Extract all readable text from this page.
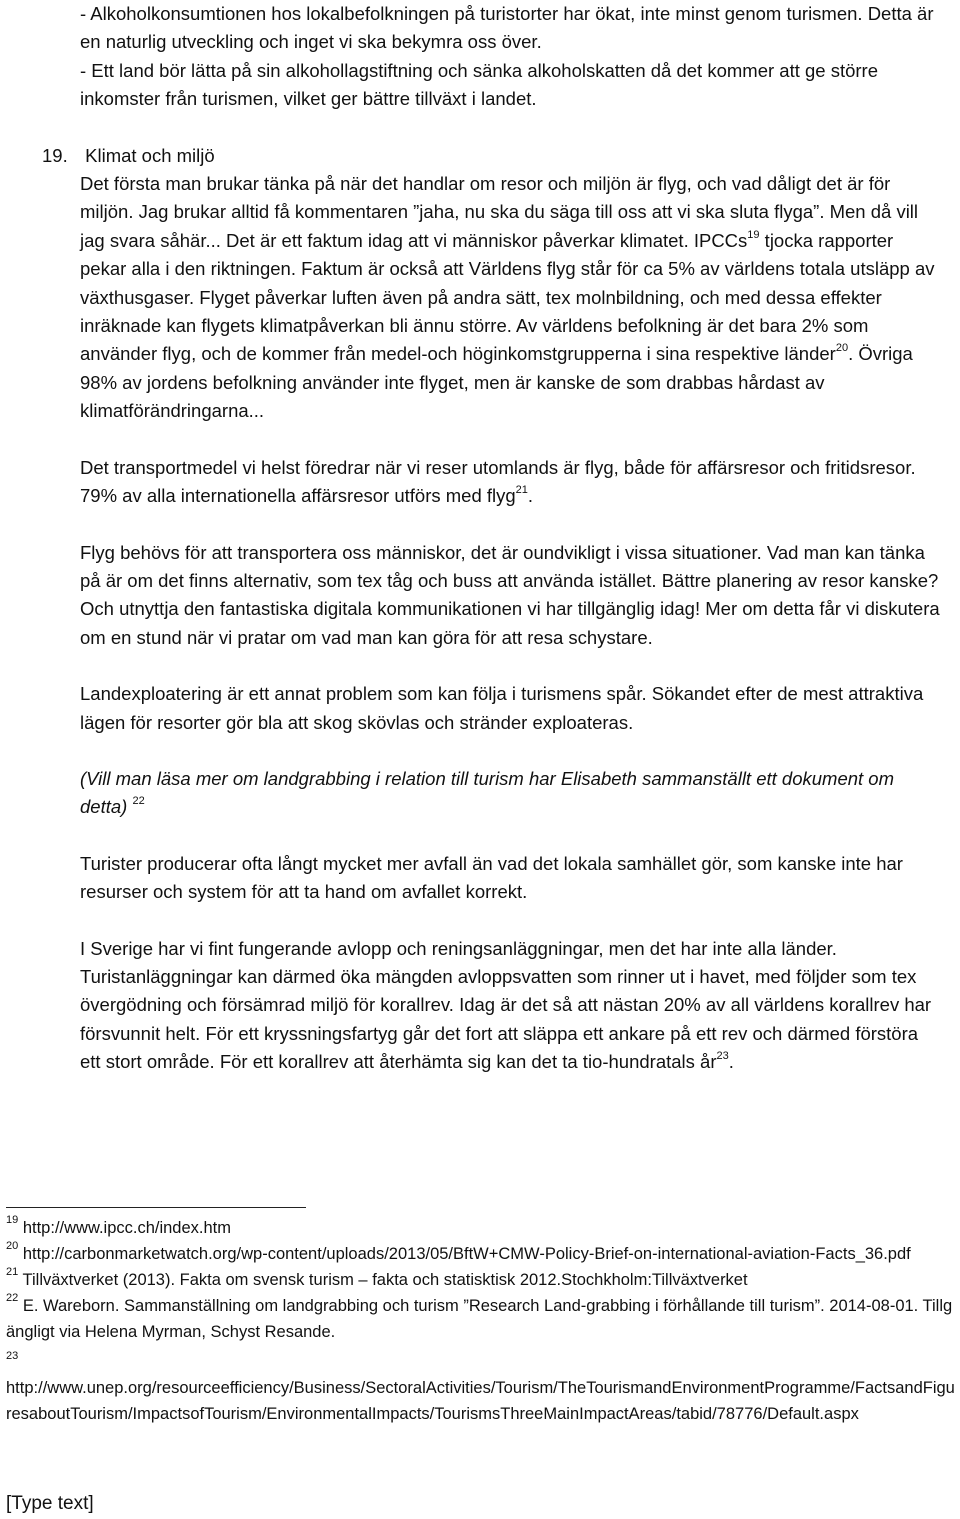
- Alkoholkonsumtionen hos lokalbefolkningen på turistorter har ökat, inte minst genom turismen. Detta är en naturlig utveckling och inget vi ska bekymra oss över.

- Ett land bör lätta på sin alkohollagstiftning och sänka alkoholskatten då det kommer att ge större inkomster från turismen, vilket ger bättre tillväxt i landet.

19. Klimat och miljö

Det första man brukar tänka på när det handlar om resor och miljön är flyg, och vad dåligt det är för miljön. Jag brukar alltid få kommentaren ”jaha, nu ska du säga till oss att vi ska sluta flyga”. Men då vill jag svara såhär... Det är ett faktum idag att vi människor påverkar klimatet. IPCCs$^{19}$ tjocka rapporter pekar alla i den riktningen. Faktum är också att Världens flyg står för ca 5% av världens totala utsläpp av växthusgaser. Flyget påverkar luften även på andra sätt, tex molnbildning, och med dessa effekter inräknade kan flygets klimatpåverkan bli ännu större. Av världens befolkning är det bara 2% som använder flyg, och de kommer från medel-och höginkomstgrupperna i sina respektive länder$^{20}$. Övriga 98% av jordens befolkning använder inte flyget, men är kanske de som drabbas hårdast av klimatförändringarna...

Det transportmedel vi helst föredrar när vi reser utomlands är flyg, både för affärsresor och fritidsresor. 79% av alla internationella affärsresor utförs med flyg$^{21}$.

Flyg behövs för att transportera oss människor, det är oundvikligt i vissa situationer. Vad man kan tänka på är om det finns alternativ, som tex tåg och buss att använda istället. Bättre planering av resor kanske? Och utnyttja den fantastiska digitala kommunikationen vi har tillgänglig idag! Mer om detta får vi diskutera om en stund när vi pratar om vad man kan göra för att resa schystare.

Landexploatering är ett annat problem som kan följa i turismens spår. Sökandet efter de mest attraktiva lägen för resorter gör bla att skog skövlas och stränder exploateras.

(Vill man läsa mer om landgrabbing i relation till turism har Elisabeth sammanställt ett dokument om detta) $^{22}$

Turister producerar ofta långt mycket mer avfall än vad det lokala samhället gör, som kanske inte har resurser och system för att ta hand om avfallet korrekt.

I Sverige har vi fint fungerande avlopp och reningsanläggningar, men det har inte alla länder. Turistanläggningar kan därmed öka mängden avloppsvatten som rinner ut i havet, med följder som tex övergödning och försämrad miljö för korallrev. Idag är det så att nästan 20% av all världens korallrev har försvunnit helt. För ett kryssningsfartyg går det fort att släppa ett ankare på ett rev och därmed förstöra ett stort område. För ett korallrev att återhämta sig kan det ta tio-hundratals $år^{23}$.

$^{19}$ http://www.ipcc.ch/index.htm

$^{20}$ http://carbonmarketwatch.org/wp-content/uploads/2013/05/BftW+CMW-Policy-Brief-on-international-aviation-Facts_36.pdf

$^{21}$ Tillväxtverket (2013). Fakta om svensk turism – fakta och statisktisk 2012.Stochkholm:Tillväxtverket

$^{22}$ E. Wareborn. Sammanställning om landgrabbing och turism ”Research Land-grabbing i förhållande till turism”. 2014-08-01. Tillgängligt via Helena Myrman, Schyst Resande.

23
http://www.unep.org/resourceefficiency/Business/SectoralActivities/Tourism/TheTourismandEnvironmentProgramme/FactsandFiguresaboutTourism/ImpactsofTourism/EnvironmentalImpacts/TourismsThreeMainImpactAreas/tabid/78776/Default.aspx

[Type text]
